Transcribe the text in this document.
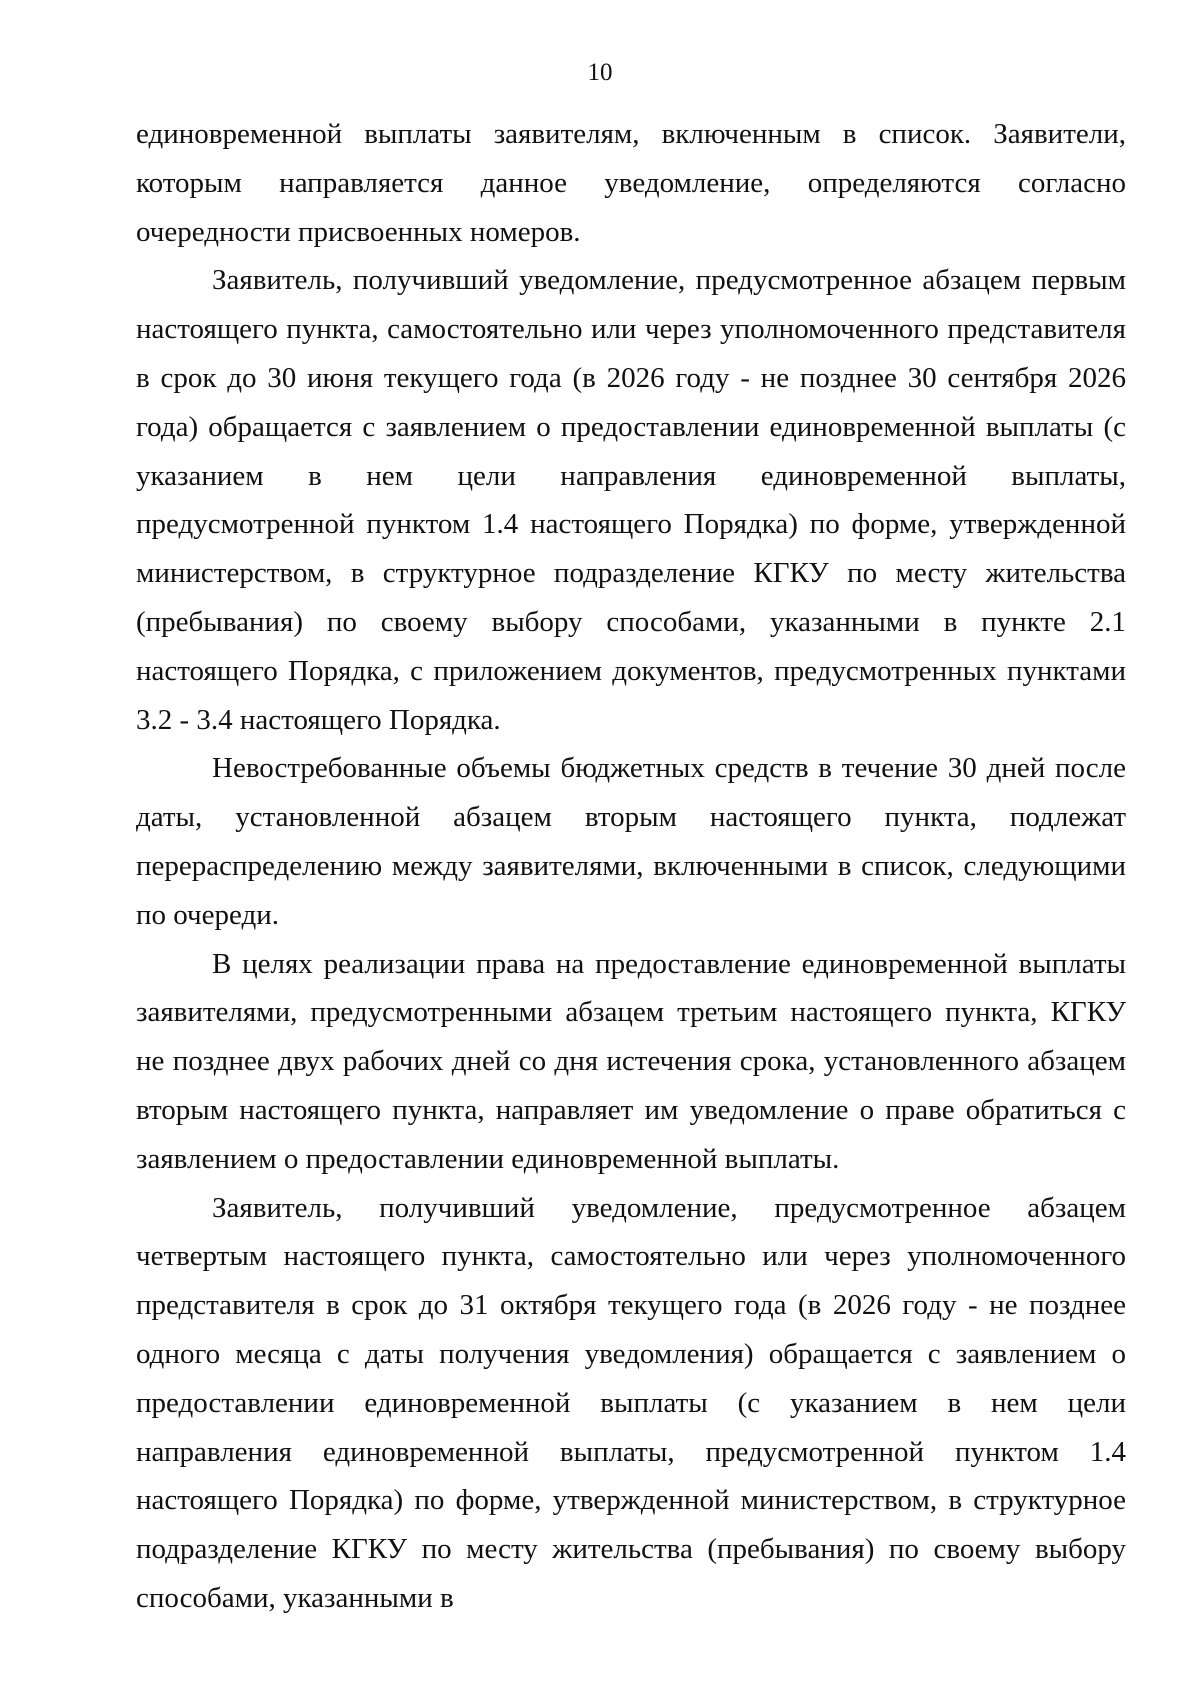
10

единовременной выплаты заявителям, включенным в список. Заявители, которым направляется данное уведомление, определяются согласно очередности присвоенных номеров.

Заявитель, получивший уведомление, предусмотренное абзацем первым настоящего пункта, самостоятельно или через уполномоченного представителя в срок до 30 июня текущего года (в 2026 году - не позднее 30 сентября 2026 года) обращается с заявлением о предоставлении единовременной выплаты (с указанием в нем цели направления единовременной выплаты, предусмотренной пунктом 1.4 настоящего Порядка) по форме, утвержденной министерством, в структурное подразделение КГКУ по месту жительства (пребывания) по своему выбору способами, указанными в пункте 2.1 настоящего Порядка, с приложением документов, предусмотренных пунктами 3.2 - 3.4 настоящего Порядка.

Невостребованные объемы бюджетных средств в течение 30 дней после даты, установленной абзацем вторым настоящего пункта, подлежат перераспределению между заявителями, включенными в список, следующими по очереди.

В целях реализации права на предоставление единовременной выплаты заявителями, предусмотренными абзацем третьим настоящего пункта, КГКУ не позднее двух рабочих дней со дня истечения срока, установленного абзацем вторым настоящего пункта, направляет им уведомление о праве обратиться с заявлением о предоставлении единовременной выплаты.

Заявитель, получивший уведомление, предусмотренное абзацем четвертым настоящего пункта, самостоятельно или через уполномоченного представителя в срок до 31 октября текущего года (в 2026 году - не позднее одного месяца с даты получения уведомления) обращается с заявлением о предоставлении единовременной выплаты (с указанием в нем цели направления единовременной выплаты, предусмотренной пунктом 1.4 настоящего Порядка) по форме, утвержденной министерством, в структурное подразделение КГКУ по месту жительства (пребывания) по своему выбору способами, указанными в
